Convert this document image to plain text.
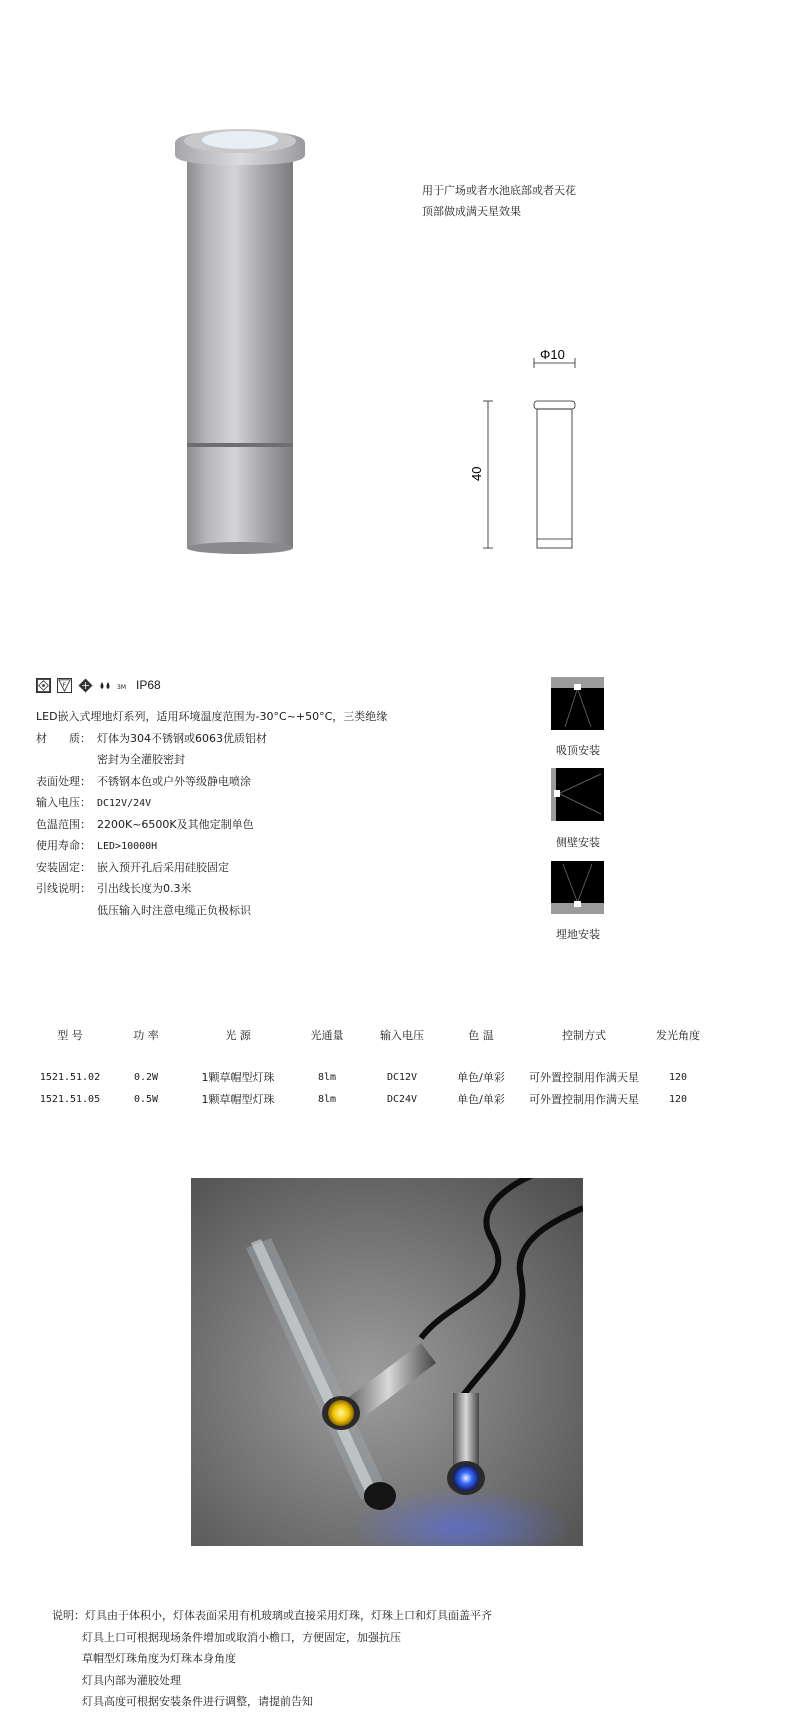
用于广场或者水池底部或者天花
顶部做成满天星效果
Φ10
40
F	3M IP68
LED嵌入式埋地灯系列，适用环境温度范围为-30°C~+50°C，三类绝缘
材　　质： 灯体为304不锈钢或6063优质铝材
密封为全灌胶密封
表面处理： 不锈钢本色或户外等级静电喷涂
输入电压： DC12V/24V
色温范围： 2200K~6500K及其他定制单色
使用寿命： LED>10000H
安装固定： 嵌入预开孔后采用硅胶固定
引线说明： 引出线长度为0.3米
低压输入时注意电缆正负极标识
吸顶安装
侧壁安装
埋地安装
型 号	功 率	光 源	光通量	输入电压	色 温	控制方式	发光角度

1521.51.02	0.2W	1颗草帽型灯珠	8lm	DC12V	单色/单彩	可外置控制用作满天星	120
1521.51.05	0.5W	1颗草帽型灯珠	8lm	DC24V	单色/单彩	可外置控制用作满天星	120
说明：灯具由于体积小，灯体表面采用有机玻璃或直接采用灯珠，灯珠上口和灯具面盖平齐
灯具上口可根据现场条件增加或取消小檐口，方便固定，加强抗压
草帽型灯珠角度为灯珠本身角度
灯具内部为灌胶处理
灯具高度可根据安装条件进行调整，请提前告知
